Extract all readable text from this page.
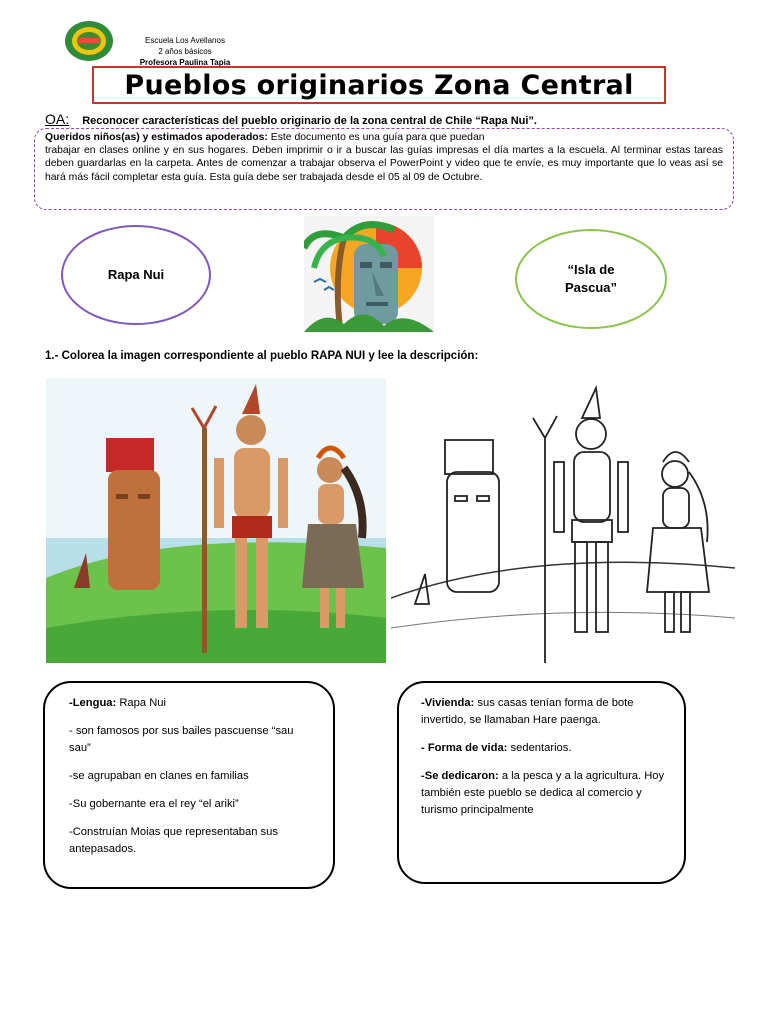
Escuela Los Avellanos
2 años básicos
Profesora Paulina Tapia
Pueblos originarios Zona Central
OA: Reconocer características del pueblo originario de la zona central de Chile “Rapa Nui”.
Queridos niños(as) y estimados apoderados: Este documento es una guía para que puedan
trabajar en clases online y en sus hogares. Deben imprimir o ir a buscar las guías impresas el día martes a la escuela. Al terminar estas tareas deben guardarlas en la carpeta. Antes de comenzar a trabajar observa el PowerPoint y video que te envíe, es muy importante que lo veas así se hará más fácil completar esta guía. Esta guía debe ser trabajada desde el 05 al 09 de Octubre.
Rapa Nui	“Isla de
Pascua”
1.- Colorea la imagen correspondiente al pueblo RAPA NUI y lee la descripción:

-Lengua: Rapa Nui

- son famosos por sus bailes pascuense “sau sau”

-se agrupaban en clanes en familias

-Su gobernante era el rey “el ariki”

-Construían Moias que representaban sus antepasados.

-Vivienda: sus casas tenían forma de bote invertido, se llamaban Hare paenga.

- Forma de vida: sedentarios.

-Se dedicaron: a la pesca y a la agricultura. Hoy también este pueblo se dedica al comercio y turismo principalmente
